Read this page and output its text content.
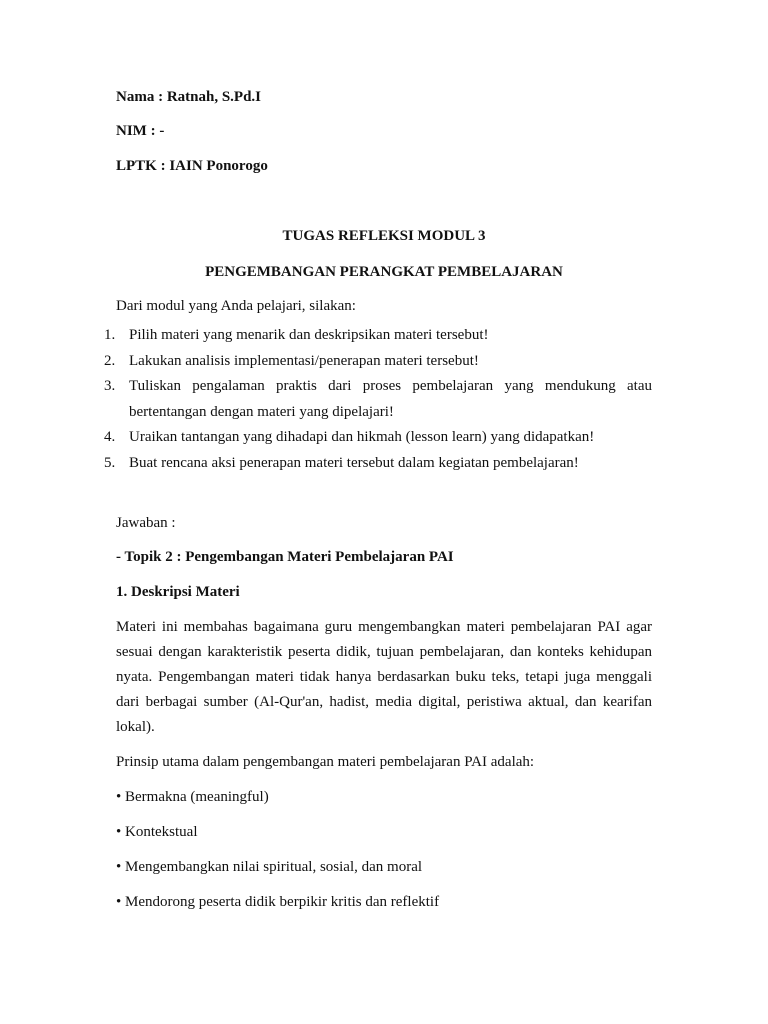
Nama : Ratnah, S.Pd.I
NIM : -
LPTK : IAIN Ponorogo
TUGAS REFLEKSI MODUL 3
PENGEMBANGAN PERANGKAT PEMBELAJARAN
Dari modul yang Anda pelajari, silakan:
1. Pilih materi yang menarik dan deskripsikan materi tersebut!
2. Lakukan analisis implementasi/penerapan materi tersebut!
3. Tuliskan pengalaman praktis dari proses pembelajaran yang mendukung atau
bertentangan dengan materi yang dipelajari!
4. Uraikan tantangan yang dihadapi dan hikmah (lesson learn) yang didapatkan!
5. Buat rencana aksi penerapan materi tersebut dalam kegiatan pembelajaran!
Jawaban :
- Topik 2 : Pengembangan Materi Pembelajaran PAI
1. Deskripsi Materi
Materi ini membahas bagaimana guru mengembangkan materi pembelajaran PAI agar
sesuai dengan karakteristik peserta didik, tujuan pembelajaran, dan konteks kehidupan
nyata. Pengembangan materi tidak hanya berdasarkan buku teks, tetapi juga menggali
dari berbagai sumber (Al-Qur'an, hadist, media digital, peristiwa aktual, dan kearifan
lokal).
Prinsip utama dalam pengembangan materi pembelajaran PAI adalah:
• Bermakna (meaningful)
• Kontekstual
• Mengembangkan nilai spiritual, sosial, dan moral
• Mendorong peserta didik berpikir kritis dan reflektif
